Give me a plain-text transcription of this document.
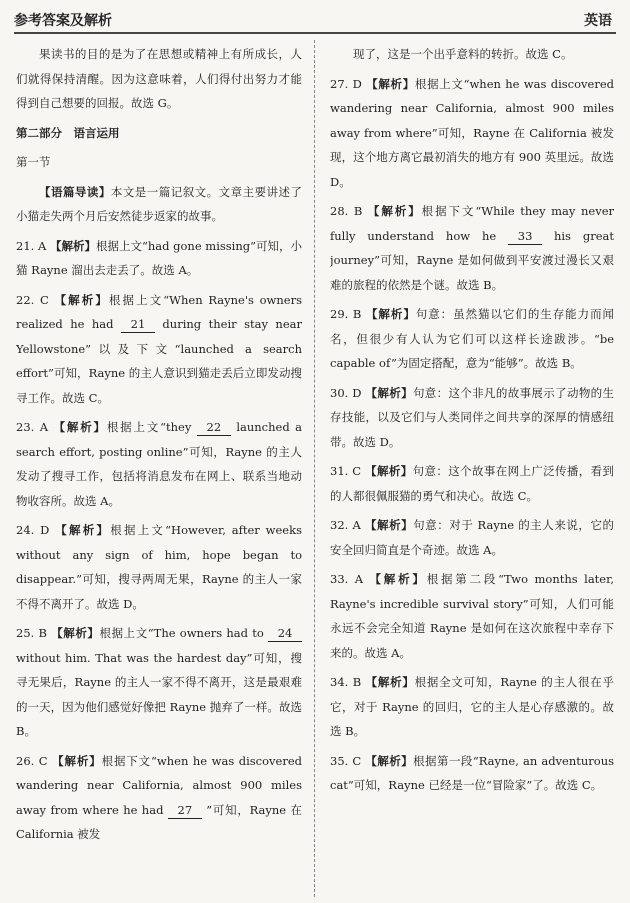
参考答案及解析	英语

果读书的目的是为了在思想或精神上有所成长，人们就得保持清醒。因为这意味着，人们得付出努力才能得到自己想要的回报。故选 G。

第二部分　语言运用

第一节

【语篇导读】本文是一篇记叙文。文章主要讲述了小猫走失两个月后安然徒步返家的故事。

21. A 【解析】根据上文“had gone missing”可知，小猫 Rayne 溜出去走丢了。故选 A。

22. C 【解析】根据上文“When Rayne's owners realized he had 21 during their stay near Yellowstone”以及下文“launched a search effort”可知，Rayne 的主人意识到猫走丢后立即发动搜寻工作。故选 C。

23. A 【解析】根据上文“they 22 launched a search effort, posting online”可知，Rayne 的主人发动了搜寻工作，包括将消息发布在网上、联系当地动物收容所。故选 A。

24. D 【解析】根据上文“However, after weeks without any sign of him, hope began to disappear.”可知，搜寻两周无果，Rayne 的主人一家不得不离开了。故选 D。

25. B 【解析】根据上文“The owners had to 24 without him. That was the hardest day”可知，搜寻无果后，Rayne 的主人一家不得不离开，这是最艰难的一天，因为他们感觉好像把 Rayne 抛弃了一样。故选 B。

26. C 【解析】根据下文“when he was discovered wandering near California, almost 900 miles away from where he had 27 ”可知，Rayne 在 California 被发

现了，这是一个出乎意料的转折。故选 C。

27. D 【解析】根据上文“when he was discovered wandering near California, almost 900 miles away from where”可知，Rayne 在 California 被发现，这个地方离它最初消失的地方有 900 英里远。故选 D。

28. B 【解析】根据下文“While they may never fully understand how he 33 his great journey”可知，Rayne 是如何做到平安渡过漫长又艰难的旅程的依然是个谜。故选 B。

29. B 【解析】句意：虽然猫以它们的生存能力而闻名，但很少有人认为它们可以这样长途跋涉。“be capable of”为固定搭配，意为“能够”。故选 B。

30. D 【解析】句意：这个非凡的故事展示了动物的生存技能，以及它们与人类同伴之间共享的深厚的情感纽带。故选 D。

31. C 【解析】句意：这个故事在网上广泛传播，看到的人都很佩服猫的勇气和决心。故选 C。

32. A 【解析】句意：对于 Rayne 的主人来说，它的安全回归简直是个奇迹。故选 A。

33. A 【解析】根据第二段“Two months later, Rayne's incredible survival story”可知，人们可能永远不会完全知道 Rayne 是如何在这次旅程中幸存下来的。故选 A。

34. B 【解析】根据全文可知，Rayne 的主人很在乎它，对于 Rayne 的回归，它的主人是心存感激的。故选 B。

35. C 【解析】根据第一段“Rayne, an adventurous cat”可知，Rayne 已经是一位“冒险家”了。故选 C。
